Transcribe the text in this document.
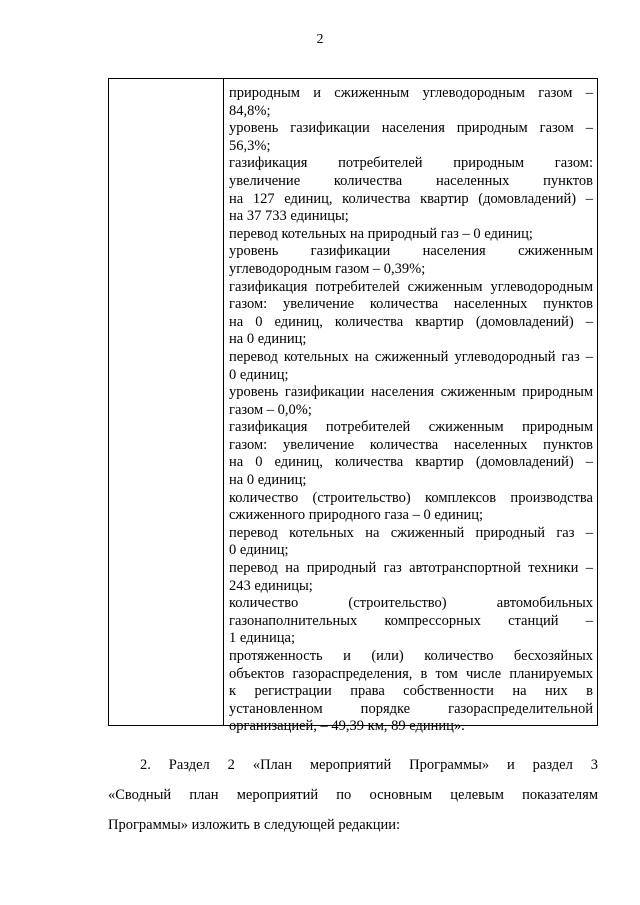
2
природным и сжиженным углеводородным газом –
84,8%;
уровень газификации населения природным газом –
56,3%;
газификация потребителей природным газом:
увеличение количества населенных пунктов
на 127 единиц, количества квартир (домовладений) –
на 37 733 единицы;
перевод котельных на природный газ – 0 единиц;
уровень газификации населения сжиженным
углеводородным газом – 0,39%;
газификация потребителей сжиженным углеводородным
газом: увеличение количества населенных пунктов
на 0 единиц, количества квартир (домовладений) –
на 0 единиц;
перевод котельных на сжиженный углеводородный газ –
0 единиц;
уровень газификации населения сжиженным природным
газом – 0,0%;
газификация потребителей сжиженным природным
газом: увеличение количества населенных пунктов
на 0 единиц, количества квартир (домовладений) –
на 0 единиц;
количество (строительство) комплексов производства
сжиженного природного газа – 0 единиц;
перевод котельных на сжиженный природный газ –
0 единиц;
перевод на природный газ автотранспортной техники –
243 единицы;
количество (строительство) автомобильных
газонаполнительных компрессорных станций –
1 единица;
протяженность и (или) количество бесхозяйных
объектов газораспределения, в том числе планируемых
к регистрации права собственности на них в
установленном порядке газораспределительной
организацией, – 49,39 км, 89 единиц».
2. Раздел 2 «План мероприятий Программы» и раздел 3
«Сводный план мероприятий по основным целевым показателям
Программы» изложить в следующей редакции:
